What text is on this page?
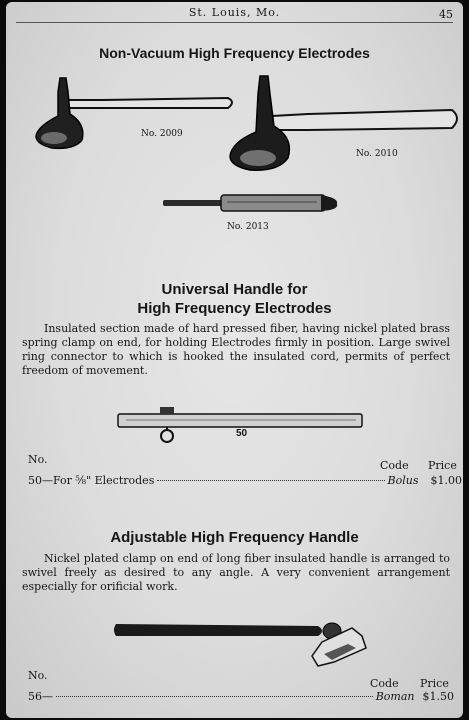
St. Louis, Mo.	45
Non-Vacuum High Frequency Electrodes
No. 2009
No. 2010
No. 2013
Universal Handle for
High Frequency Electrodes
Insulated section made of hard pressed fiber, having nickel plated brass spring clamp on end, for holding Electrodes firmly in position. Large swivel ring connector to which is hooked the insulated cord, permits of perfect freedom of movement.
50
No.	Code Price
50—For ⅝" Electrodes	Bolus $1.00
Adjustable High Frequency Handle
Nickel plated clamp on end of long fiber insulated handle is arranged to swivel freely as desired to any angle. A very convenient arrangement especially for orificial work.
No.
Code Price
56—	Boman $1.50
